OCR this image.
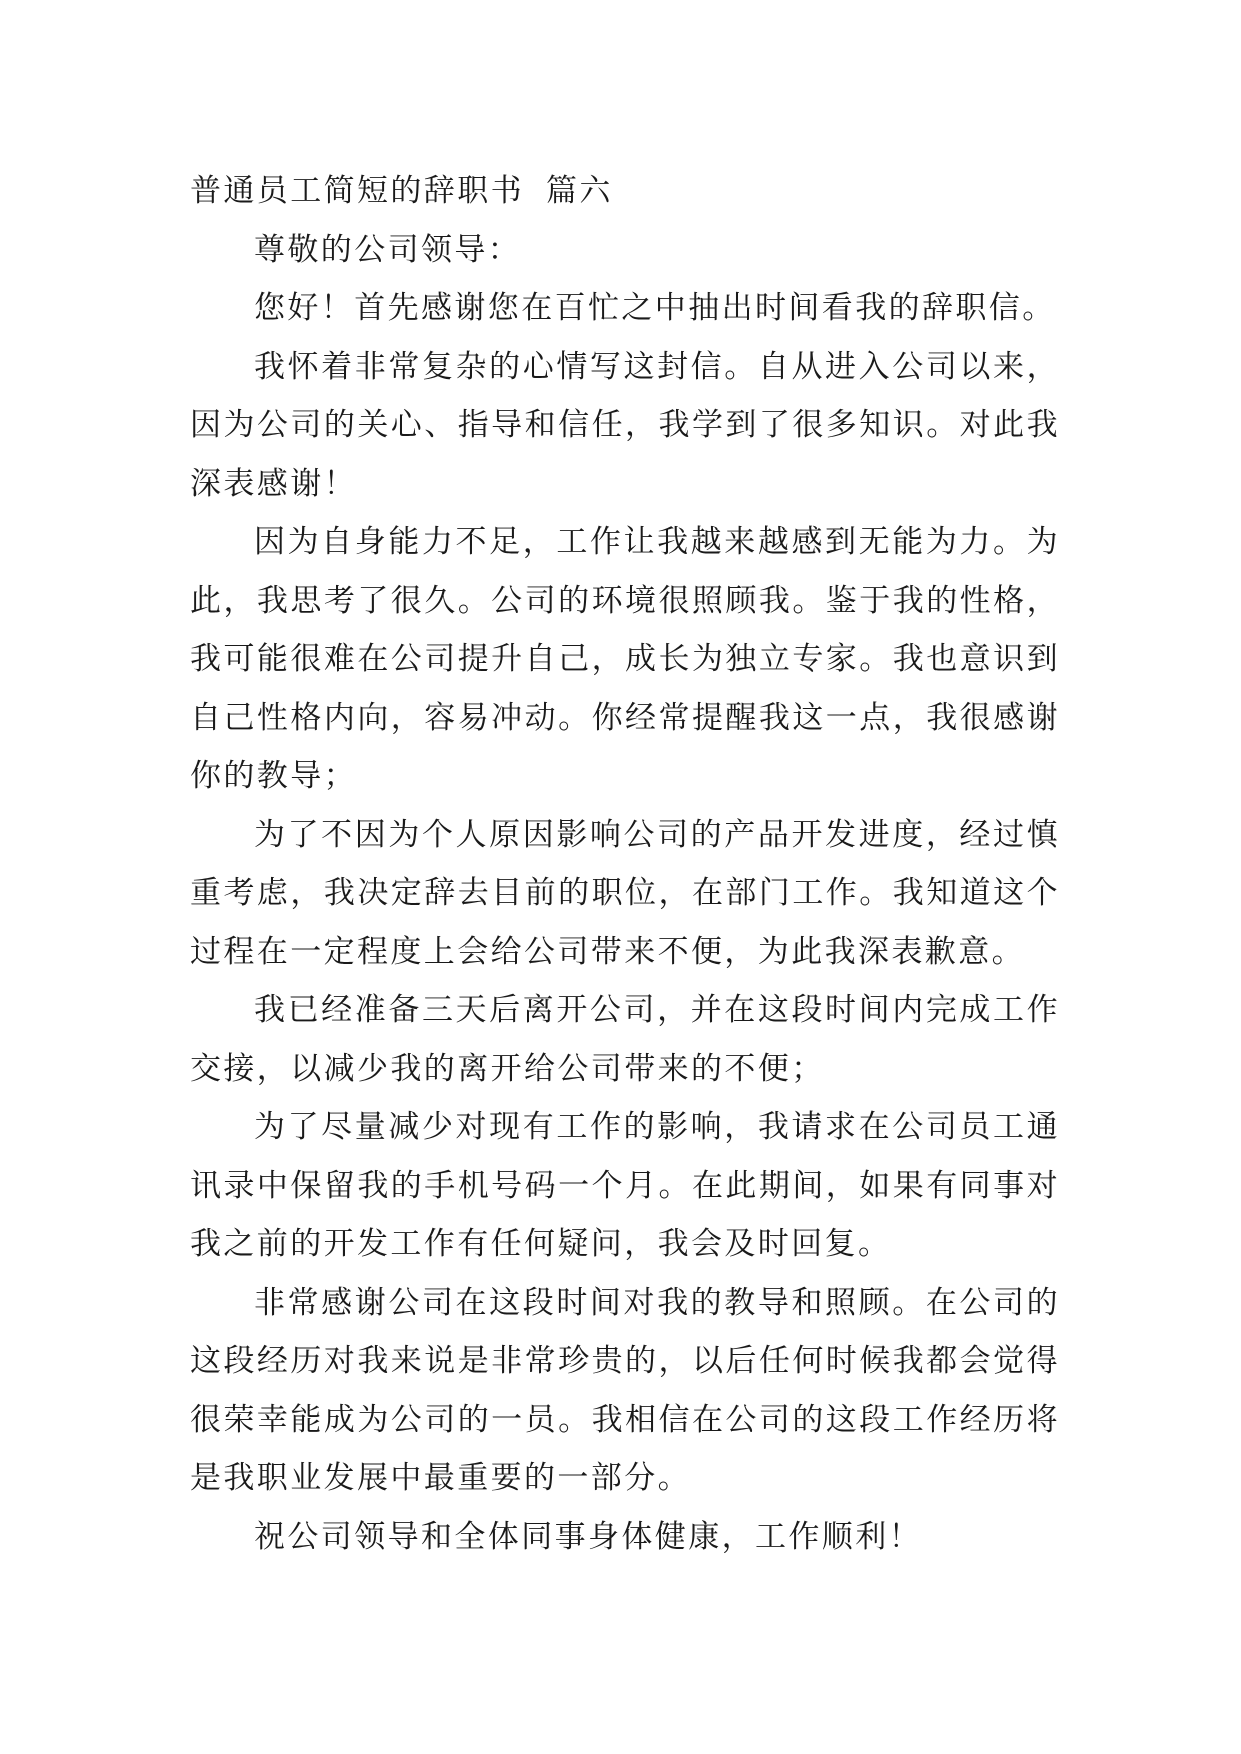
普通员工简短的辞职书 篇六

尊敬的公司领导：

您好！首先感谢您在百忙之中抽出时间看我的辞职信。

我怀着非常复杂的心情写这封信。自从进入公司以来，因为公司的关心、指导和信任，我学到了很多知识。对此我深表感谢！

因为自身能力不足，工作让我越来越感到无能为力。为此，我思考了很久。公司的环境很照顾我。鉴于我的性格，我可能很难在公司提升自己，成长为独立专家。我也意识到自己性格内向，容易冲动。你经常提醒我这一点，我很感谢你的教导；

为了不因为个人原因影响公司的产品开发进度，经过慎重考虑，我决定辞去目前的职位，在部门工作。我知道这个过程在一定程度上会给公司带来不便，为此我深表歉意。

我已经准备三天后离开公司，并在这段时间内完成工作交接，以减少我的离开给公司带来的不便；

为了尽量减少对现有工作的影响，我请求在公司员工通讯录中保留我的手机号码一个月。在此期间，如果有同事对我之前的开发工作有任何疑问，我会及时回复。

非常感谢公司在这段时间对我的教导和照顾。在公司的这段经历对我来说是非常珍贵的，以后任何时候我都会觉得很荣幸能成为公司的一员。我相信在公司的这段工作经历将是我职业发展中最重要的一部分。

祝公司领导和全体同事身体健康，工作顺利！
